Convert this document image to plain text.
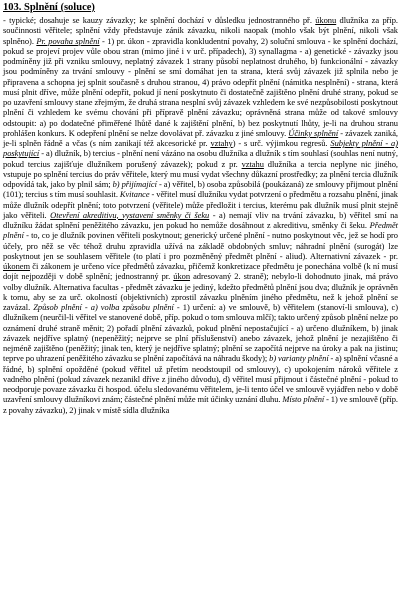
103. Splnění (soluce)

- typické; dosahuje se kauzy závazky; ke splnění dochází v důsledku jednostranného př. úkonu dlužníka za příp. součinnosti věřitele; splnění vždy představuje zánik závazku, nikoli naopak (mohlo však být plnění, nikoli však splněno). Pr. povaha splnění - 1) pr. úkon - zpravidla konkludentní povahy, 2) soluční smlouva - ke splnění dochází, pokud se projeví projev vůle obou stran (mimo jiné i v urč. případech), 3) synallagma - a) genetické - závazky jsou podmíněny již při vzniku smlouvy, neplatný závazek 1 strany působí neplatnost druhého, b) funkcionální - závazky jsou podmíněny za trvání smlouvy - plnění se smí domáhat jen ta strana, která svůj závazek již splnila nebo je připravena a schopna jej splnit současně s druhou stranou, 4) právo odepřít plnění (námitka nesplnění) - strana, která musí plnit dříve, může plnění odepřít, pokud jí není poskytnuto či dostatečně zajištěno plnění druhé strany, pokud se po uzavření smlouvy stane zřejmým, že druhá strana nesplní svůj závazek vzhledem ke své nezpůsobilosti poskytnout plnění či vzhledem ke svému chování při přípravě plnění závazku; oprávněná strana může od takové smlouvy odstoupit: a) po dodatečné přiměřené lhůtě dané k zajištění plnění, b) bez poskytnutí lhůty, je-li na druhou stranu prohlášen konkurs. K odepření plnění se nelze dovolávat př. závazku z jiné smlouvy. Účinky splnění - závazek zaniká, je-li splněn řádně a včas (s ním zanikají též akcesorické pr. vztahy) - s urč. výjimkou regresů. Subjekty plnění - a) poskytující - a) dlužník, b) tercius - plnění není vázáno na osobu dlužníka a dlužník s tím souhlasí (souhlas není nutný, pokud tercius zajišťuje dlužníkem porušený závazek); pokud z pr. vztahu dlužníka a tercia neplyne nic jiného, vstupuje po splnění tercius do práv věřitele, který mu musí vydat všechny důkazní prostředky; za plnění tercia dlužník odpovídá tak, jako by plnil sám; b) přijímající - a) věřitel, b) osoba způsobilá (poukázaná) ze smlouvy přijmout plnění (101); tercius s tím musí souhlasit. Kvitance - věřitel musí dlužníku vydat potvrzení o předmětu a rozsahu plnění, jinak může dlužník odepřít plnění; toto potvrzení (věřitele) může předložit i tercius, kterému pak dlužník musí plnit stejně jako věřiteli. Otevření akreditivu, vystavení směnky či šeku - a) nemají vliv na trvání závazku, b) věřitel smí na dlužníku žádat splnění peněžitého závazku, jen pokud ho nemůže dosáhnout z akreditivu, směnky či šeku. Předmět plnění - to, co je dlužník povinen věřiteli poskytnout; generický určené plnění - nutno poskytnout věc, jež se hodí pro účely, pro něž se věc téhož druhu zpravidla užívá na základě obdobných smluv; náhradní plnění (surogát) lze poskytnout jen se souhlasem věřitele (to platí i pro pozměněný předmět plnění - aliud). Alternativní závazek - pr. úkonem či zákonem je určeno více předmětů závazku, přičemž konkretizace předmětu je ponechána volbě (k ní musí dojít nejpozději v době splnění; jednostranný pr. úkon adresovaný 2. straně); nebylo-li dohodnuto jinak, má právo volby dlužník. Alternativa facultas - předmět závazku je jediný, kdežto předmětů plnění jsou dva; dlužník je oprávněn k tomu, aby se za urč. okolností (objektivních) zprostil závazku plněním jiného předmětu, než k jehož plnění se zavázal. Způsob plnění - a) volba způsobu plnění - 1) určení: a) ve smlouvě, b) věřitelem (stanoví-li smlouva), c) dlužníkem (neurčil-li věřitel ve stanovené době, příp. pokud o tom smlouva mlčí); takto určený způsob plnění nelze po oznámení druhé straně měnit; 2) pořadí plnění závazků, pokud plnění nepostačující - a) určeno dlužníkem, b) jinak závazek nejdříve splatný (nepeněžitý; nejprve se plní příslušenství) anebo závazek, jehož plnění je nezajištěno či nejméně zajištěno (peněžitý; jinak ten, který je nejdříve splatný; plnění se započítá nejprve na úroky a pak na jistinu; teprve po uhrazení peněžitého závazku se plnění započítává na náhradu škody); b) varianty plnění - a) splnění včasné a řádné, b) splnění opožděné (pokud věřitel už přetím neodstoupil od smlouvy), c) upokojením nároků věřitele z vadného plnění (pokud závazek nezanikl dříve z jiného důvodu), d) věřitel musí přijmout i částečné plnění - pokud to neodporuje povaze závazku či hospod. účelu sledovanému věřitelem, je-li tento účel ve smlouvě vyjádřen nebo v době uzavření smlouvy dlužníkovi znám; částečné plnění může mít účinky uznání dluhu. Místo plnění - 1) ve smlouvě (příp. z povahy závazku), 2) jinak v místě sídla dlužníka
